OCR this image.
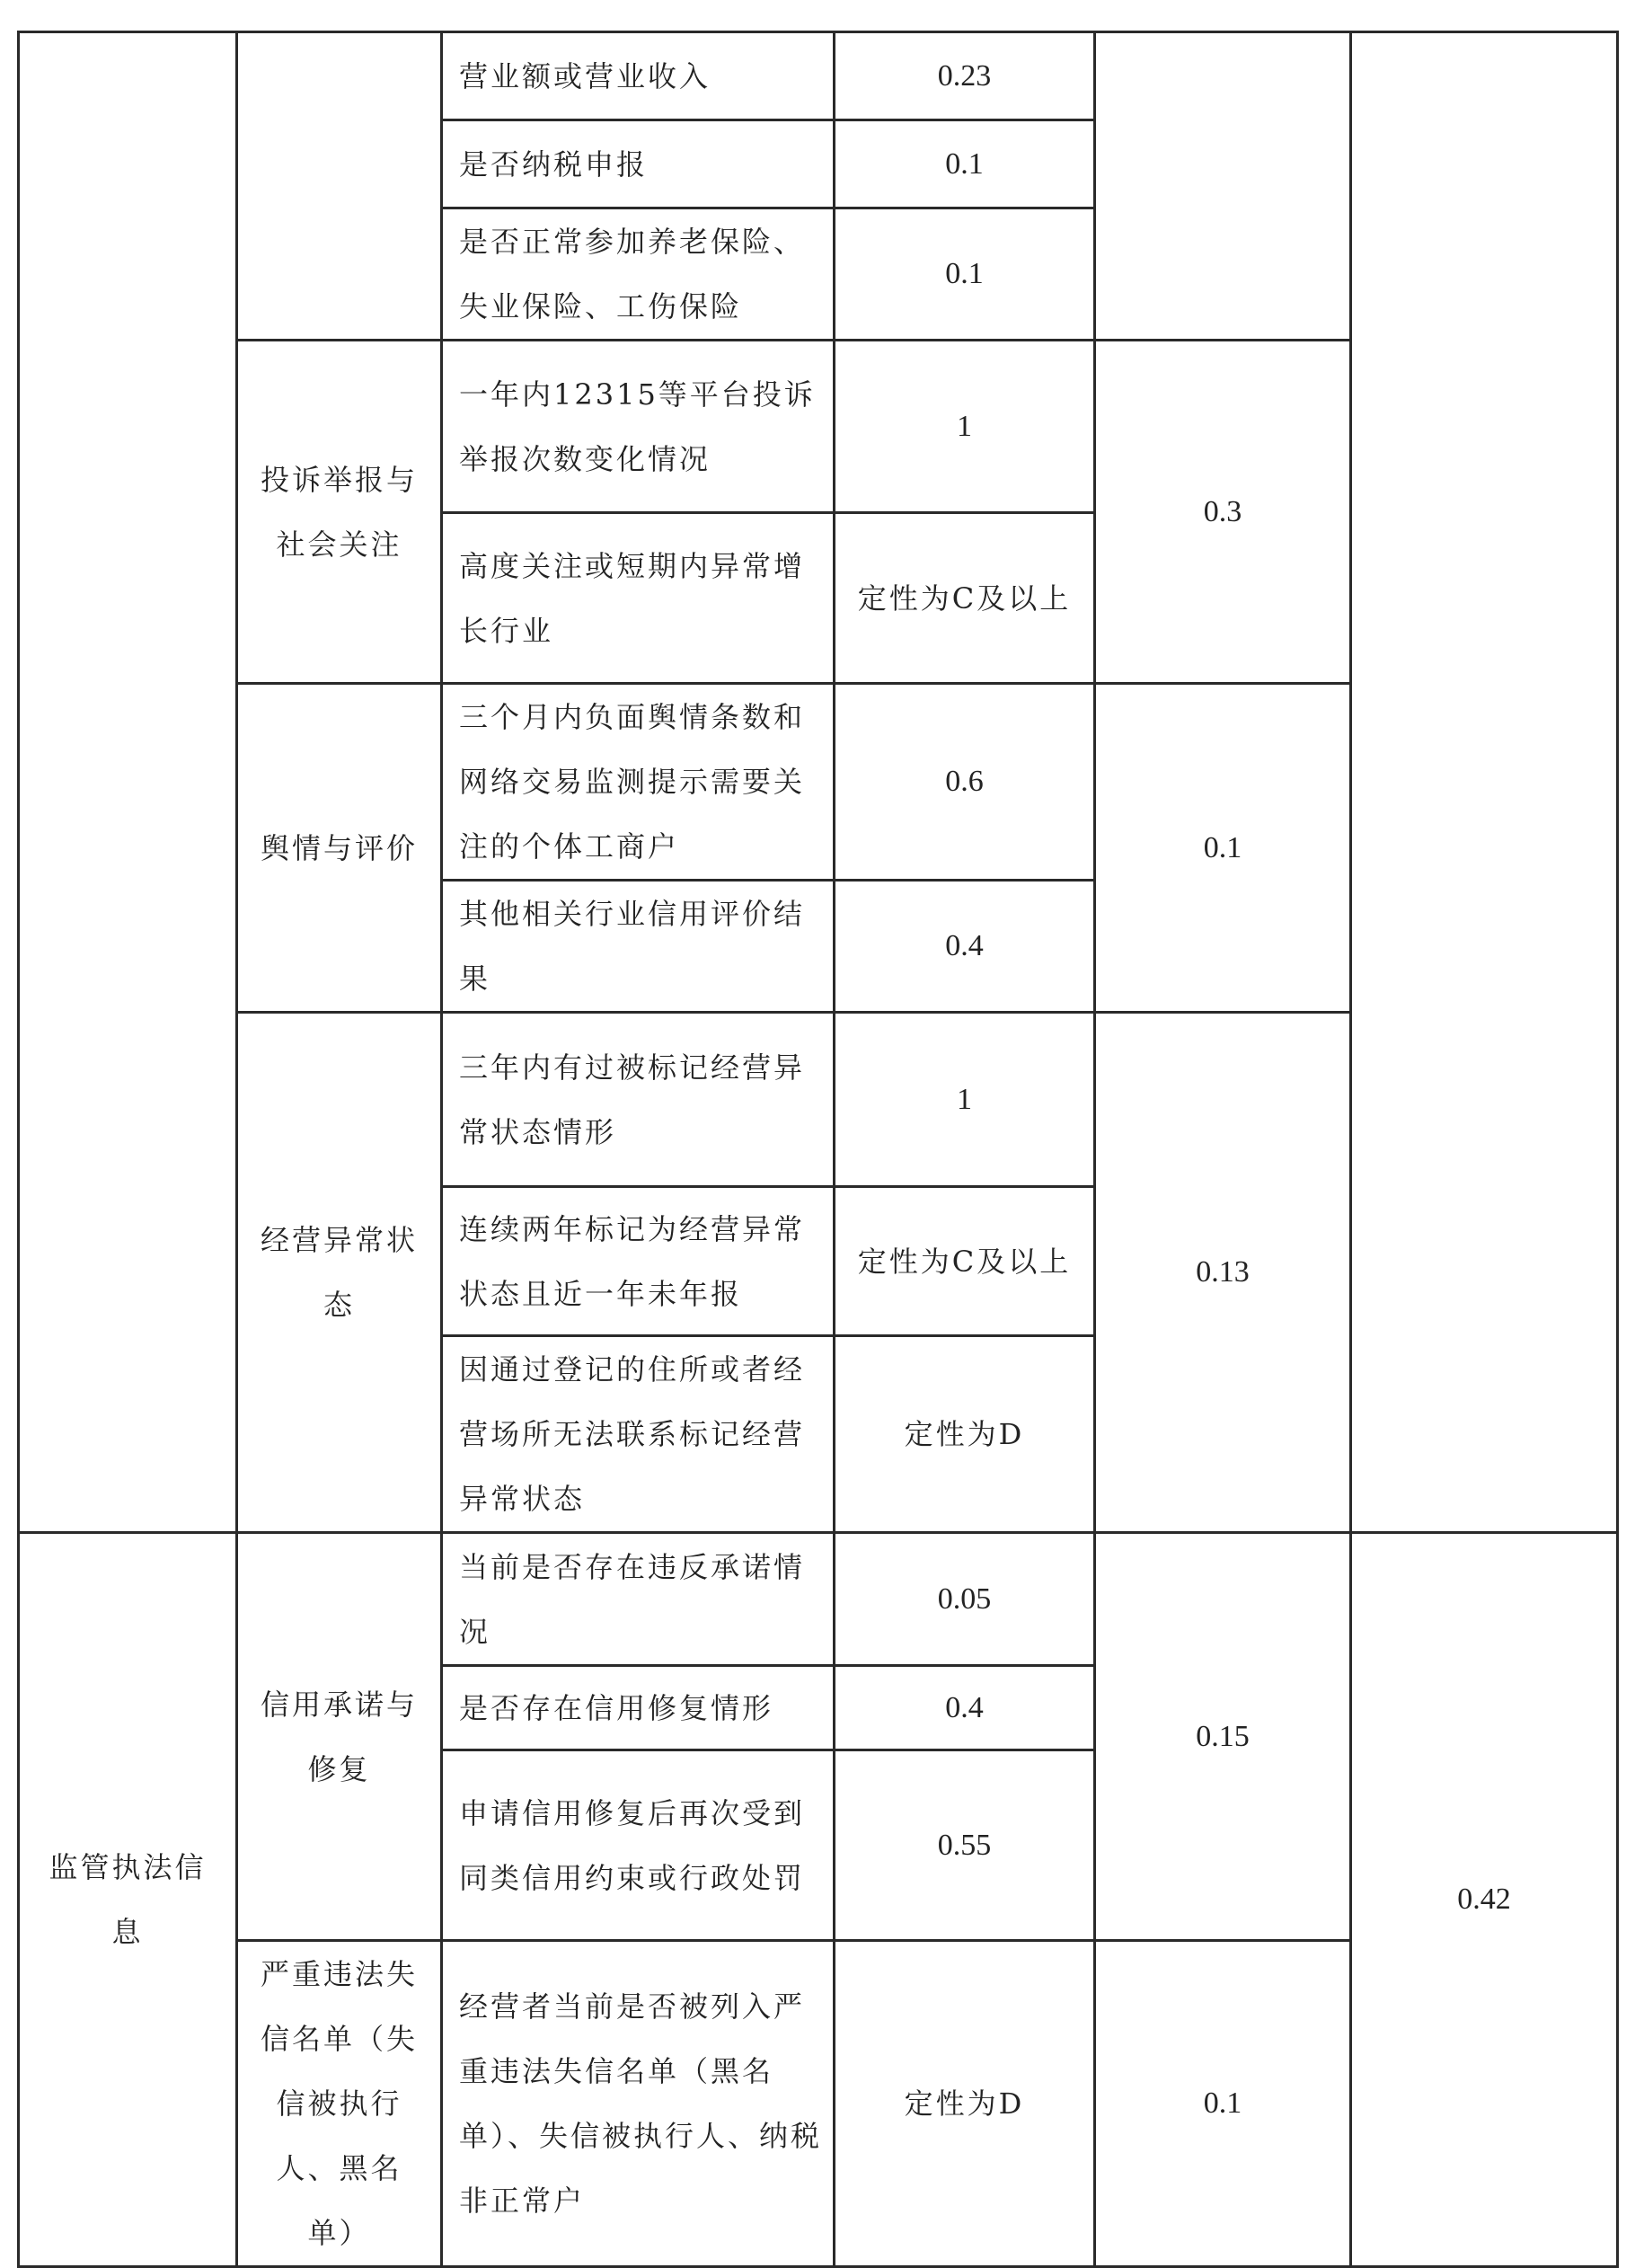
		营业额或营业收入	0.23		
		是否纳税申报	0.1		
		是否正常参加养老保险、失业保险、工伤保险	0.1		
	投诉举报与社会关注	一年内12315等平台投诉举报次数变化情况	1	0.3	
		高度关注或短期内异常增长行业	定性为C及以上		
	舆情与评价	三个月内负面舆情条数和网络交易监测提示需要关注的个体工商户	0.6	0.1	
		其他相关行业信用评价结果	0.4		
	经营异常状态	三年内有过被标记经营异常状态情形	1	0.13	
		连续两年标记为经营异常状态且近一年未年报	定性为C及以上		
		因通过登记的住所或者经营场所无法联系标记经营异常状态	定性为D		
监管执法信息	信用承诺与修复	当前是否存在违反承诺情况	0.05	0.15	0.42
		是否存在信用修复情形	0.4		
		申请信用修复后再次受到同类信用约束或行政处罚	0.55		
	严重违法失信名单（失信被执行人、黑名单）	经营者当前是否被列入严重违法失信名单（黑名单）、失信被执行人、纳税非正常户	定性为D	0.1	
